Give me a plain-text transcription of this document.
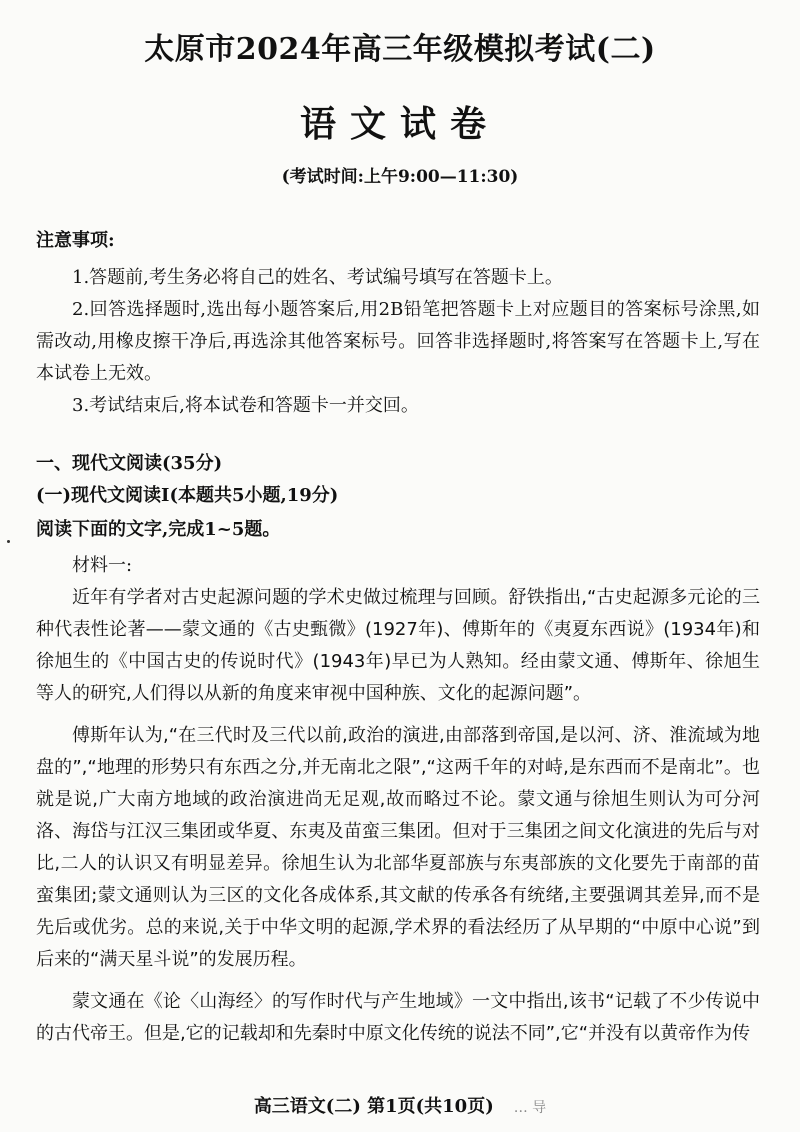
太原市2024年高三年级模拟考试(二)
语文试卷
(考试时间:上午9:00—11:30)

注意事项:

1.答题前,考生务必将自己的姓名、考试编号填写在答题卡上。

2.回答选择题时,选出每小题答案后,用2B铅笔把答题卡上对应题目的答案标号涂黑,如需改动,用橡皮擦干净后,再选涂其他答案标号。回答非选择题时,将答案写在答题卡上,写在本试卷上无效。

3.考试结束后,将本试卷和答题卡一并交回。

一、现代文阅读(35分)

(一)现代文阅读Ⅰ(本题共5小题,19分)

阅读下面的文字,完成1~5题。

材料一:

近年有学者对古史起源问题的学术史做过梳理与回顾。舒铁指出,“古史起源多元论的三种代表性论著——蒙文通的《古史甄微》(1927年)、傅斯年的《夷夏东西说》(1934年)和徐旭生的《中国古史的传说时代》(1943年)早已为人熟知。经由蒙文通、傅斯年、徐旭生等人的研究,人们得以从新的角度来审视中国种族、文化的起源问题”。

傅斯年认为,“在三代时及三代以前,政治的演进,由部落到帝国,是以河、济、淮流域为地盘的”,“地理的形势只有东西之分,并无南北之限”,“这两千年的对峙,是东西而不是南北”。也就是说,广大南方地域的政治演进尚无足观,故而略过不论。蒙文通与徐旭生则认为可分河洛、海岱与江汉三集团或华夏、东夷及苗蛮三集团。但对于三集团之间文化演进的先后与对比,二人的认识又有明显差异。徐旭生认为北部华夏部族与东夷部族的文化要先于南部的苗蛮集团;蒙文通则认为三区的文化各成体系,其文献的传承各有统绪,主要强调其差异,而不是先后或优劣。总的来说,关于中华文明的起源,学术界的看法经历了从早期的“中原中心说”到后来的“满天星斗说”的发展历程。

蒙文通在《论〈山海经〉的写作时代与产生地域》一文中指出,该书“记载了不少传说中的古代帝王。但是,它的记载却和先秦时中原文化传统的说法不同”,它“并没有以黄帝作为传

高三语文(二) 第1页(共10页) … 导
